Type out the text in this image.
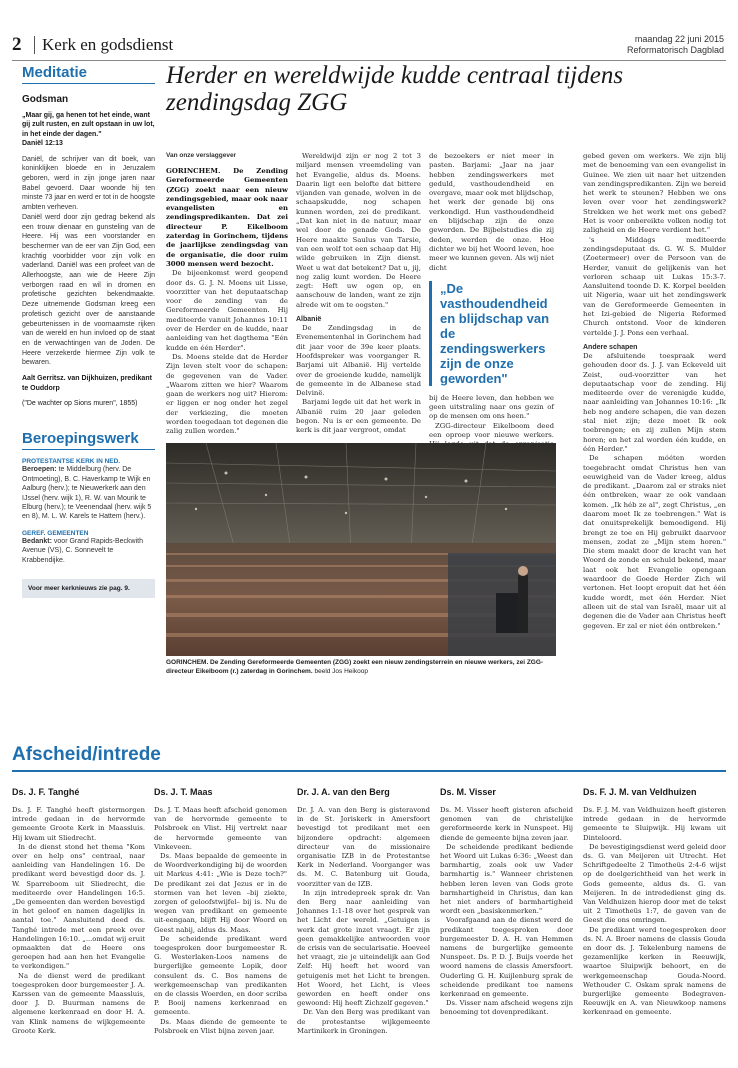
2 Kerk en godsdienst	maandag 22 juni 2015
Reformatorisch Dagblad
Meditatie
Godsman
„Maar gij, ga henen tot het einde, want gij zult rusten, en zult opstaan in uw lot, in het einde der dagen."
Daniël 12:13

Daniël, de schrijver van dit boek, van koninklijken bloede en in Jeruzalem geboren, werd in zijn jonge jaren naar Babel gevoerd. Daar woonde hij ten minste 73 jaar en werd er tot in de hoogste ambten verheven.

Daniël werd door zijn gedrag bekend als een trouw dienaar en gunsteling van de Heere. Hij was een voorstander en beschermer van de eer van Zijn God, een krachtig voorbidder voor zijn volk en vaderland. Daniël was een profeet van de Allerhoogste, aan wie de Heere Zijn verborgen raad en wil in dromen en profetische gezichten bekendmaakte. Deze uitnemende Godsman kreeg een profetisch gezicht over de aanstaande gebeurtenissen in de voornaamste rijken van de wereld en hun invloed op de staat en de verwachtingen van de Joden. De Heere verzekerde hiermee Zijn volk te bewaren.

Aalt Gerritsz. van Dijkhuizen, predikant te Ouddorp
("De wachter op Sions muren", 1855)
Beroepingswerk
PROTESTANTSE KERK IN NED.
Beroepen: te Middelburg (herv. De Ontmoeting), B. C. Haverkamp te Wijk en Aalburg (herv.); te Nieuwerkerk aan den IJssel (herv. wijk 1), R. W. van Mourik te Elburg (herv.); te Veenendaal (herv. wijk 5 en 8), M. L. W. Karels te Hattem (herv.).
GEREF. GEMEENTEN
Bedankt: voor Grand Rapids-Beckwith Avenue (VS), C. Sonnevelt te Krabbendijke.
Voor meer kerknieuws zie pag. 9.
Herder en wereldwijde kudde centraal tijdens zendingsdag ZGG
Van onze verslaggever

GORINCHEM. De Zending Gereformeerde Gemeenten (ZGG) zoekt naar een nieuw zendingsgebied, maar ook naar evangelisten en zendingspredikanten. Dat zei directeur P. Eikelboom zaterdag in Gorinchem, tijdens de jaarlijkse zendingsdag van de organisatie, die door ruim 3000 mensen werd bezocht.

De bijeenkomst werd geopend door ds. G. J. N. Moens uit Lisse, voorzitter van het deputaatschap voor de zending van de Gereformeerde Gemeenten. Hij mediteerde vanuit Johannes 10:11 over de Herder en de kudde, naar aanleiding van het dagthema "Eén kudde en één Herder".

Ds. Moens stelde dat de Herder Zijn leven stelt voor de schapen: de gegevenen van de Vader. „Waarom zitten we hier? Waarom gaan de werkers nog uit? Hierom: er liggen er nog onder het zegel der verkiezing, die moeten worden toegedaan tot degenen die zalig zullen worden."

Wereldwijd zijn er nog 2 tot 3 miljard mensen vreemdeling van het Evangelie, aldus ds. Moens. Daarin ligt een belofte dat bittere vijanden van genade, wolven in de schaapskudde, nog schapen kunnen worden, zei de predikant. „Dat kan niet in de natuur, maar wel door de genade Gods. De Heere maakte Saulus van Tarsie, van een wolf tot een schaap dat Hij wilde gebruiken in Zijn dienst. Weet u wat dat betekent? Dat u, jij, nog zalig kunt worden. De Heere zegt: Heft uw ogen op, en aanschouw de landen, want ze zijn alrede wit om te oogsten."

Albanië

De Zendingsdag in de Evenementenhal in Gorinchem had dit jaar voor de 39e keer plaats. Hoofdspreker was voorganger R. Barjami uit Albanië. Hij vertelde over de groeiende kudde, namelijk de gemeente in de Albanese stad Delvinë.

Barjami legde uit dat het werk in Albanië ruim 20 jaar geleden begon. Nu is er een gemeente. De kerk is dit jaar vergroot, omdat

de bezoekers er niet meer in pasten. Barjami: „Jaar na jaar hebben zendingswerkers met geduld, vasthoudendheid en overgave, maar ook met blijdschap, het werk der genade bij ons verkondigd. Hun vasthoudendheid en blijdschap zijn de onze geworden. De Bijbelstudies die zij deden, werden de onze. Hoe dichter we bij het Woord leven, hoe meer we kunnen geven. Als wij niet dicht

„De vasthoudendheid en blijdschap van de zendingswerkers zijn de onze geworden"

bij de Heere leven, dan hebben we geen uitstraling naar ons gezin of op de mensen om ons heen."

ZGG-directeur Eikelboom deed een oproep voor nieuwe werkers.

gebed geven om werkers. We zijn blij met de benoeming van een evangelist in Guinee. We zien uit naar het uitzenden van zendingspredikanten. Zijn we bereid het werk te steunen? Hebben we ons leven over voor het zendingswerk? Strekken we het werk met ons gebed? Het is voor onbereikte volken nodig tot zaligheid en de Heere verdient het."

's Middags mediteerde zendingsdeputaat ds. G. W. S. Mulder (Zoetermeer) over de Persoon van de Herder, vanuit de gelijkenis van het verloren schaap uit Lukas 15:3-7. Aansluitend toonde D. K. Korpel beelden uit Nigeria, waar uit het zendingswerk van de Gereformeerde Gemeenten in het Izi-gebied de Nigeria Reformed Church ontstond. Voor de kinderen vertelde J. J. Pons een verhaal.

Andere schapen

De afsluitende toespraak werd gehouden door ds. J. J. van Eckeveld uit Zeist, oud-voorzitter van het deputaatschap voor de zending. Hij mediteerde over de verenigde kudde, naar aanleiding van Johannes 10:16: „Ik heb nog andere schapen, die van dezen stal niet zijn; deze moet Ik ook toebrengen; en zij zullen Mijn stem horen; en het zal worden één kudde, en één Herder."

De schapen móéten worden toegebracht omdat Christus hen van eeuwigheid van de Vader kreeg, aldus de predikant. „Daarom zal er straks niet één ontbreken, waar ze ook vandaan komen. „Ik héb ze al", zegt Christus, „en daarom moet Ik ze toebrengen." Wat is dat onuitsprekelijk bemoedigend. Hij brengt ze toe en Hij gebruikt daarvoor mensen, zodat ze „Mijn stem horen." Die stem maakt door de kracht van het Woord de zonde en schuld bekend, maar laat ook het Evangelie opengaan waardoor de Goede Herder Zich wil vertonen. Het loopt eropuit dat het één kudde wordt, met één Herder. Niet alleen uit de stal van Israël, maar uit al degenen die de Vader aan Christus heeft gegeven. Er zal er niet één ontbreken."

GORINCHEM. De Zending Gereformeerde Gemeenten (ZGG) zoekt een nieuw zendingsterrein en nieuwe werkers, zei ZGG-directeur Eikelboom (r.) zaterdag in Gorinchem. beeld Jos Heikoop
Afscheid/intrede
Ds. J. F. Tanghé

Ds. J. F. Tanghé heeft gistermorgen intrede gedaan in de hervormde gemeente Groote Kerk in Maassluis. Hij kwam uit Sliedrecht.

In de dienst stond het thema "Kom over en help ons" centraal, naar aanleiding van Handelingen 16. De predikant werd bevestigd door ds. J. W. Sparreboom uit Sliedrecht, die mediteerde over Handelingen 16:5. „De gemeenten dan werden bevestigd in het geloof en namen dagelijks in aantal toe." Aansluitend deed ds. Tanghé intrede met een preek over Handelingen 16:10. „...omdat wij eruit opmaakten dat de Heere ons geroepen had aan hen het Evangelie te verkondigen."

Na de dienst werd de predikant toegesproken door burgemeester J. A. Karssen van de gemeente Maassluis, door J. D. Buurman namens de algemene kerkenraad en door H. A. van Klink namens de wijkgemeente Groote Kerk.

Ds. J. T. Maas

Ds. J. T. Maas heeft afscheid genomen van de hervormde gemeente te Polsbroek en Vlist. Hij vertrekt naar de hervormde gemeente van Vinkeveen.

Ds. Maas bepaalde de gemeente in de Woordverkondiging bij de woorden uit Markus 4:41: „Wie is Deze toch?" De predikant zei dat Jezus er in de stormen van het leven –bij ziekte, zorgen of geloofstwijfel– bij is. Nu de wegen van predikant en gemeente uit-eengaan, blijft Hij door Woord en Geest nabij, aldus ds. Maas.

De scheidende predikant werd toegesproken door burgemeester R. G. Westerlaken-Loos namens de burgerlijke gemeente Lopik, door consulent ds. C. Bos namens de werkgemeenschap van predikanten en de classis Woerden, en door scriba P. Booij namens kerkenraad en gemeente.

Ds. Maas diende de gemeente te Polsbroek en Vlist bijna zeven jaar.

Dr. J. A. van den Berg

Dr. J. A. van den Berg is gisteravond in de St. Joriskerk in Amersfoort bevestigd tot predikant met een bijzondere opdracht: algemeen directeur van de missionaire organisatie IZB in de Protestantse Kerk in Nederland. Voorganger was ds. M. C. Batenburg uit Gouda, voorzitter van de IZB.

In zijn intredepreek sprak dr. Van den Berg naar aanleiding van Johannes 1:1-18 over het gesprek van het Licht der wereld. „Getuigen is werk dat grote inzet vraagt. Er zijn geen gemakkelijke antwoorden voor de crisis van de secularisatie. Hoeveel het vraagt, zie je uiteindelijk aan God Zelf: Hij heeft het woord van getuigenis met het Licht te brengen. Het Woord, het Licht, is vlees geworden en heeft onder ons gewoond: Hij heeft Zichzelf gegeven."

Dr. Van den Berg was predikant van de protestantse wijkgemeente Martinikerk in Groningen.

Ds. M. Visser

Ds. M. Visser heeft gisteren afscheid genomen van de christelijke gereformeerde kerk in Nunspeet. Hij diende de gemeente bijna zeven jaar.

De scheidende predikant bediende het Woord uit Lukas 6:36: „Weest dan barmhartig, zoals ook uw Vader barmhartig is." Wanneer christenen hebben leren leven van Gods grote barmhartigheid in Christus, dan kan het niet anders of barmhartigheid wordt een „basiskenmerken."

Voorafgaand aan de dienst werd de predikant toegesproken door burgemeester D. A. H. van Hemmen namens de burgerlijke gemeente Nunspeet. Ds. P. D. J. Buijs voerde het woord namens de classis Amersfoort. Ouderling G. H. Kuijlenburg sprak de scheidende predikant toe namens kerkenraad en gemeente.

Ds. Visser nam afscheid wegens zijn benoeming tot dovenpredikant.

Ds. F. J. M. van Veldhuizen

Ds. F. J. M. van Veldhuizen heeft gisteren intrede gedaan in de hervormde gemeente te Sluipwijk. Hij kwam uit Dinteloord.

De bevestigingsdienst werd geleid door ds. G. van Meijeren uit Utrecht. Het Schriftgedeelte 2 Timotheüs 2:4-6 wijst op de doelgerichtheid van het werk in Gods gemeente, aldus ds. G. van Meijeren. In de intrededienst ging ds. Van Veldhuizen hierop door met de tekst uit 2 Timotheüs 1:7, de gaven van de Geest die ons omringen.

De predikant werd toegesproken door ds. N. A. Broer namens de classis Gouda en door ds. J. Tekelenburg namens de gezamenlijke kerken in Reeuwijk, waartoe Sluipwijk behoort, en de werkgemeenschap Gouda-Noord. Wethouder C. Oskam sprak namens de burgerlijke gemeente Bodegraven-Reeuwijk en A. van Nieuwkoop namens kerkenraad en gemeente.
